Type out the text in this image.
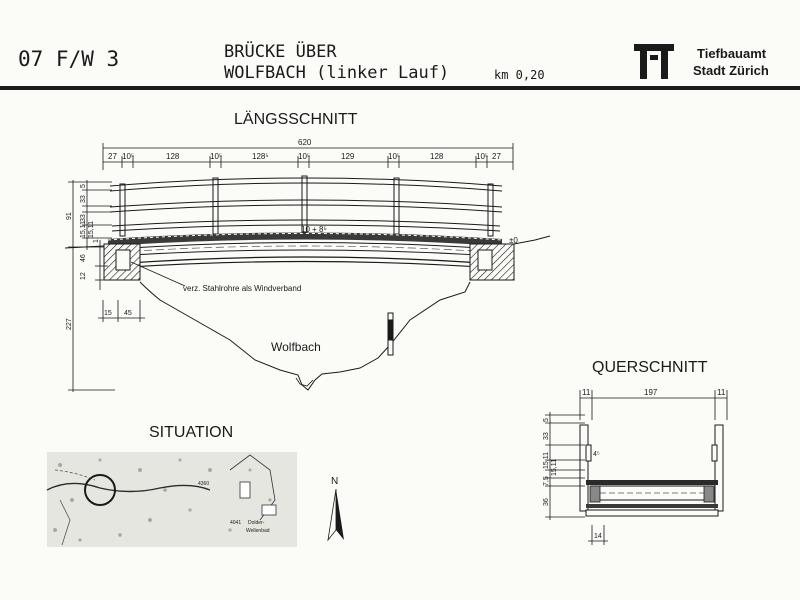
07 F/W 3	BRÜCKE ÜBER
WOLFBACH (linker Lauf)	km 0,20
Tiefbauamt
Stadt Zürich
LÄNGSSCHNITT
620
27 10⁵	128	10⁵	128⁵	10⁵	129	10⁵	128	10⁵ 27
verz. Stahlrohre als Windverband
Wolfbach
10 + 8⁵
±0
5
33
33
91
15,11 15,11
1
46
12
227
15 45
SITUATION
4360
4041 Dolder-
Wellenbad
N
QUERSCHNITT
11	197	11
5
33
4⁵
15,11 15,11
7,5
36
14
